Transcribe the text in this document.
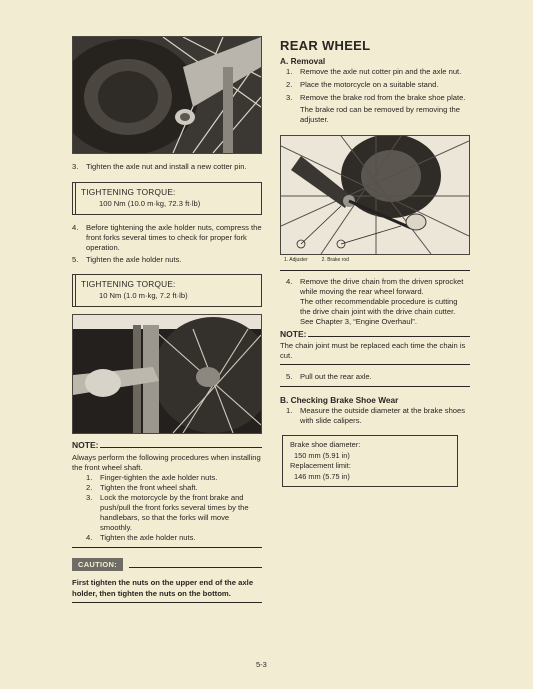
3.	Tighten the axle nut and install a new cotter pin.
TIGHTENING TORQUE:
100 Nm (10.0 m·kg, 72.3 ft·lb)
4.	Before tightening the axle holder nuts, compress the front forks several times to check for proper fork operation.
5.	Tighten the axle holder nuts.
TIGHTENING TORQUE:
10 Nm (1.0 m·kg, 7.2 ft·lb)
NOTE:
Always perform the following procedures when installing the front wheel shaft.
1.	Finger-tighten the axle holder nuts.
2.	Tighten the front wheel shaft.
3.	Lock the motorcycle by the front brake and push/pull the front forks several times by the handlebars, so that the forks will move smoothly.
4.	Tighten the axle holder nuts.
CAUTION:
First tighten the nuts on the upper end of the axle holder, then tighten the nuts on the bottom.
REAR WHEEL
A. Removal
1.	Remove the axle nut cotter pin and the axle nut.
2.	Place the motorcycle on a suitable stand.
3.	Remove the brake rod from the brake shoe plate.
The brake rod can be removed by removing the adjuster.
1. Adjuster	2. Brake rod
4.	Remove the drive chain from the driven sprocket while moving the rear wheel forward.
The other recommendable procedure is cutting the drive chain joint with the drive chain cutter.
See Chapter 3, “Engine Overhaul”.
NOTE:
The chain joint must be replaced each time the chain is cut.
5.	Pull out the rear axle.
B. Checking Brake Shoe Wear
1.	Measure the outside diameter at the brake shoes with slide calipers.
Brake shoe diameter:
150 mm (5.91 in)
Replacement limit:
146 mm (5.75 in)
5-3
